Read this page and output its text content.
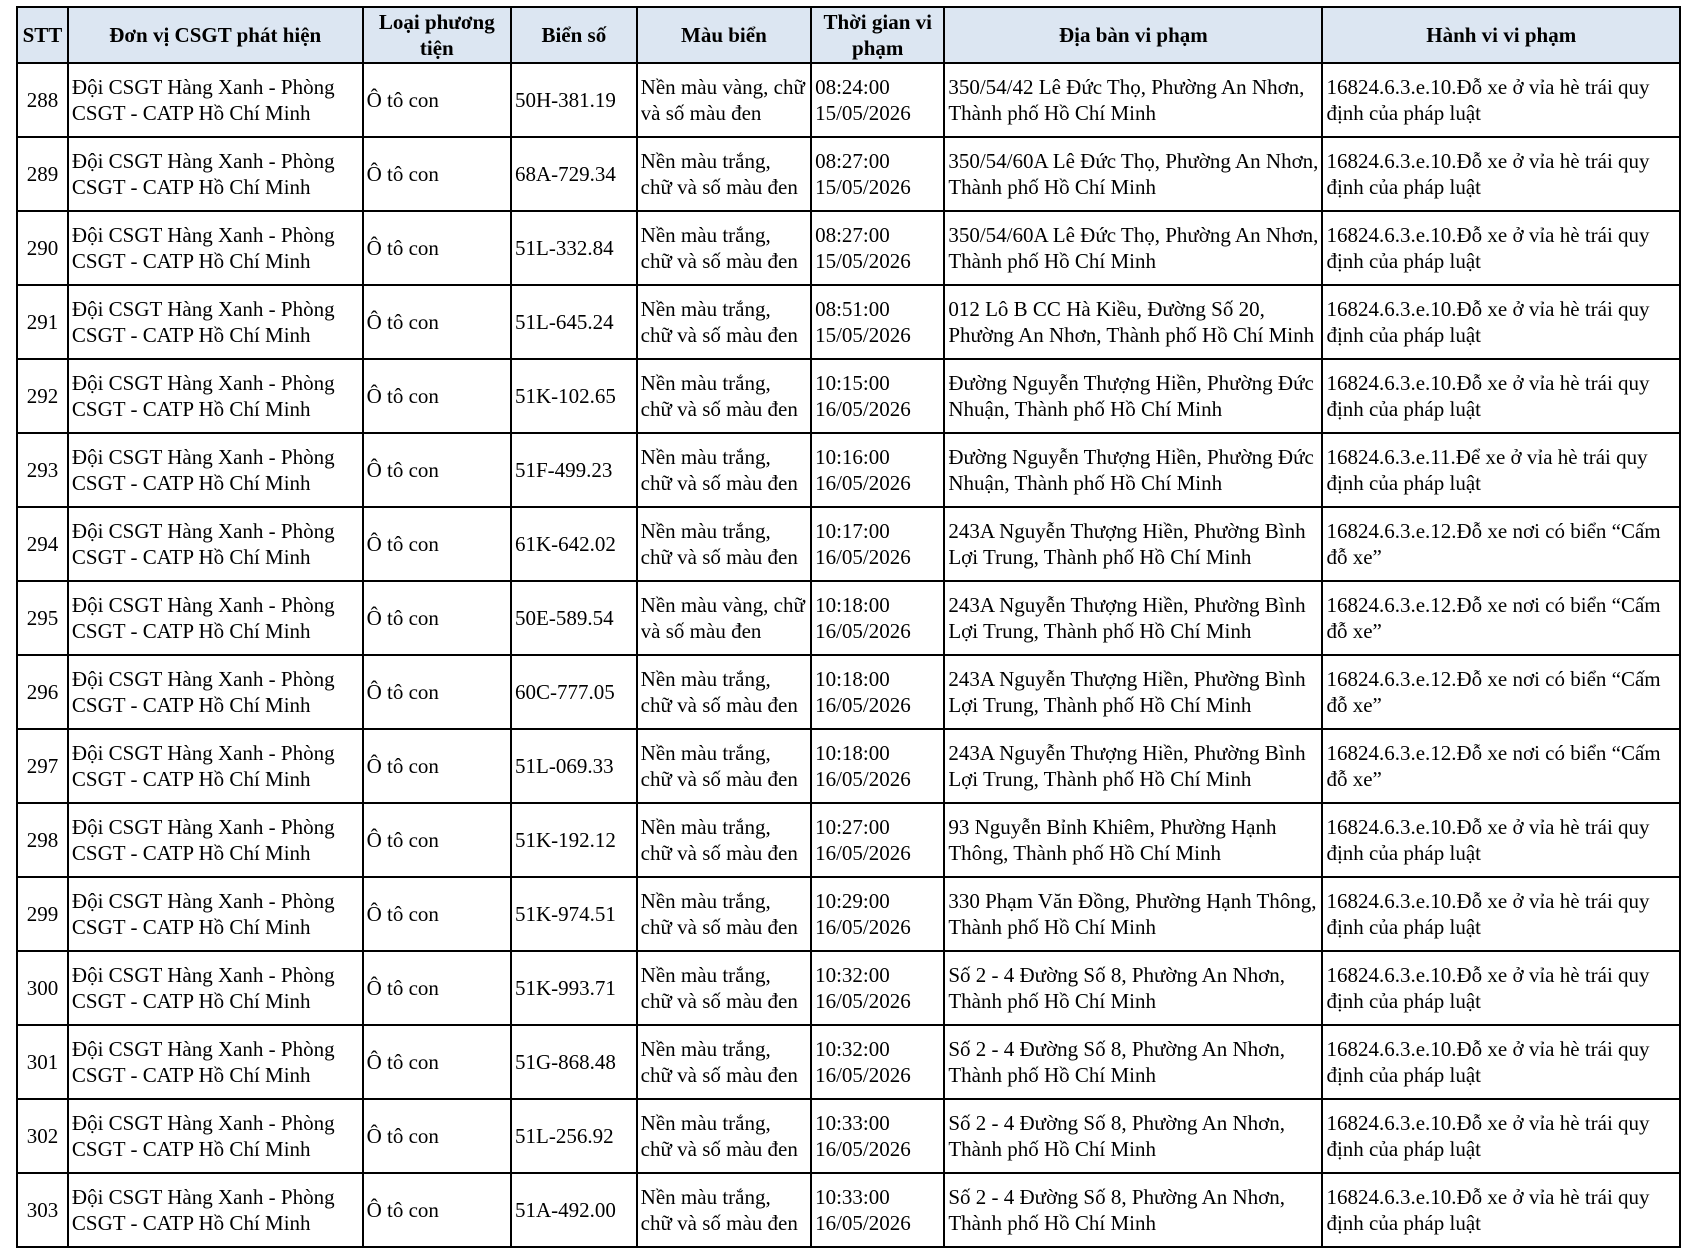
STT	Đơn vị CSGT phát hiện	Loại phương tiện	Biển số	Màu biển	Thời gian vi phạm	Địa bàn vi phạm	Hành vi vi phạm

288	Đội CSGT Hàng Xanh - Phòng CSGT - CATP Hồ Chí Minh	Ô tô con	50H-381.19	Nền màu vàng, chữ và số màu đen	08:24:00 15/05/2026	350/54/42 Lê Đức Thọ, Phường An Nhơn, Thành phố Hồ Chí Minh	16824.6.3.e.10.Đỗ xe ở vỉa hè trái quy định của pháp luật

289	Đội CSGT Hàng Xanh - Phòng CSGT - CATP Hồ Chí Minh	Ô tô con	68A-729.34	Nền màu trắng, chữ và số màu đen	08:27:00 15/05/2026	350/54/60A Lê Đức Thọ, Phường An Nhơn, Thành phố Hồ Chí Minh	16824.6.3.e.10.Đỗ xe ở vỉa hè trái quy định của pháp luật

290	Đội CSGT Hàng Xanh - Phòng CSGT - CATP Hồ Chí Minh	Ô tô con	51L-332.84	Nền màu trắng, chữ và số màu đen	08:27:00 15/05/2026	350/54/60A Lê Đức Thọ, Phường An Nhơn, Thành phố Hồ Chí Minh	16824.6.3.e.10.Đỗ xe ở vỉa hè trái quy định của pháp luật

291	Đội CSGT Hàng Xanh - Phòng CSGT - CATP Hồ Chí Minh	Ô tô con	51L-645.24	Nền màu trắng, chữ và số màu đen	08:51:00 15/05/2026	012 Lô B CC Hà Kiều, Đường Số 20, Phường An Nhơn, Thành phố Hồ Chí Minh	16824.6.3.e.10.Đỗ xe ở vỉa hè trái quy định của pháp luật

292	Đội CSGT Hàng Xanh - Phòng CSGT - CATP Hồ Chí Minh	Ô tô con	51K-102.65	Nền màu trắng, chữ và số màu đen	10:15:00 16/05/2026	Đường Nguyễn Thượng Hiền, Phường Đức Nhuận, Thành phố Hồ Chí Minh	16824.6.3.e.10.Đỗ xe ở vỉa hè trái quy định của pháp luật

293	Đội CSGT Hàng Xanh - Phòng CSGT - CATP Hồ Chí Minh	Ô tô con	51F-499.23	Nền màu trắng, chữ và số màu đen	10:16:00 16/05/2026	Đường Nguyễn Thượng Hiền, Phường Đức Nhuận, Thành phố Hồ Chí Minh	16824.6.3.e.11.Để xe ở vỉa hè trái quy định của pháp luật

294	Đội CSGT Hàng Xanh - Phòng CSGT - CATP Hồ Chí Minh	Ô tô con	61K-642.02	Nền màu trắng, chữ và số màu đen	10:17:00 16/05/2026	243A Nguyễn Thượng Hiền, Phường Bình Lợi Trung, Thành phố Hồ Chí Minh	16824.6.3.e.12.Đỗ xe nơi có biển “Cấm đỗ xe”

295	Đội CSGT Hàng Xanh - Phòng CSGT - CATP Hồ Chí Minh	Ô tô con	50E-589.54	Nền màu vàng, chữ và số màu đen	10:18:00 16/05/2026	243A Nguyễn Thượng Hiền, Phường Bình Lợi Trung, Thành phố Hồ Chí Minh	16824.6.3.e.12.Đỗ xe nơi có biển “Cấm đỗ xe”

296	Đội CSGT Hàng Xanh - Phòng CSGT - CATP Hồ Chí Minh	Ô tô con	60C-777.05	Nền màu trắng, chữ và số màu đen	10:18:00 16/05/2026	243A Nguyễn Thượng Hiền, Phường Bình Lợi Trung, Thành phố Hồ Chí Minh	16824.6.3.e.12.Đỗ xe nơi có biển “Cấm đỗ xe”

297	Đội CSGT Hàng Xanh - Phòng CSGT - CATP Hồ Chí Minh	Ô tô con	51L-069.33	Nền màu trắng, chữ và số màu đen	10:18:00 16/05/2026	243A Nguyễn Thượng Hiền, Phường Bình Lợi Trung, Thành phố Hồ Chí Minh	16824.6.3.e.12.Đỗ xe nơi có biển “Cấm đỗ xe”

298	Đội CSGT Hàng Xanh - Phòng CSGT - CATP Hồ Chí Minh	Ô tô con	51K-192.12	Nền màu trắng, chữ và số màu đen	10:27:00 16/05/2026	93 Nguyễn Bỉnh Khiêm, Phường Hạnh Thông, Thành phố Hồ Chí Minh	16824.6.3.e.10.Đỗ xe ở vỉa hè trái quy định của pháp luật

299	Đội CSGT Hàng Xanh - Phòng CSGT - CATP Hồ Chí Minh	Ô tô con	51K-974.51	Nền màu trắng, chữ và số màu đen	10:29:00 16/05/2026	330 Phạm Văn Đồng, Phường Hạnh Thông, Thành phố Hồ Chí Minh	16824.6.3.e.10.Đỗ xe ở vỉa hè trái quy định của pháp luật

300	Đội CSGT Hàng Xanh - Phòng CSGT - CATP Hồ Chí Minh	Ô tô con	51K-993.71	Nền màu trắng, chữ và số màu đen	10:32:00 16/05/2026	Số 2 - 4 Đường Số 8, Phường An Nhơn, Thành phố Hồ Chí Minh	16824.6.3.e.10.Đỗ xe ở vỉa hè trái quy định của pháp luật

301	Đội CSGT Hàng Xanh - Phòng CSGT - CATP Hồ Chí Minh	Ô tô con	51G-868.48	Nền màu trắng, chữ và số màu đen	10:32:00 16/05/2026	Số 2 - 4 Đường Số 8, Phường An Nhơn, Thành phố Hồ Chí Minh	16824.6.3.e.10.Đỗ xe ở vỉa hè trái quy định của pháp luật

302	Đội CSGT Hàng Xanh - Phòng CSGT - CATP Hồ Chí Minh	Ô tô con	51L-256.92	Nền màu trắng, chữ và số màu đen	10:33:00 16/05/2026	Số 2 - 4 Đường Số 8, Phường An Nhơn, Thành phố Hồ Chí Minh	16824.6.3.e.10.Đỗ xe ở vỉa hè trái quy định của pháp luật

303	Đội CSGT Hàng Xanh - Phòng CSGT - CATP Hồ Chí Minh	Ô tô con	51A-492.00	Nền màu trắng, chữ và số màu đen	10:33:00 16/05/2026	Số 2 - 4 Đường Số 8, Phường An Nhơn, Thành phố Hồ Chí Minh	16824.6.3.e.10.Đỗ xe ở vỉa hè trái quy định của pháp luật
